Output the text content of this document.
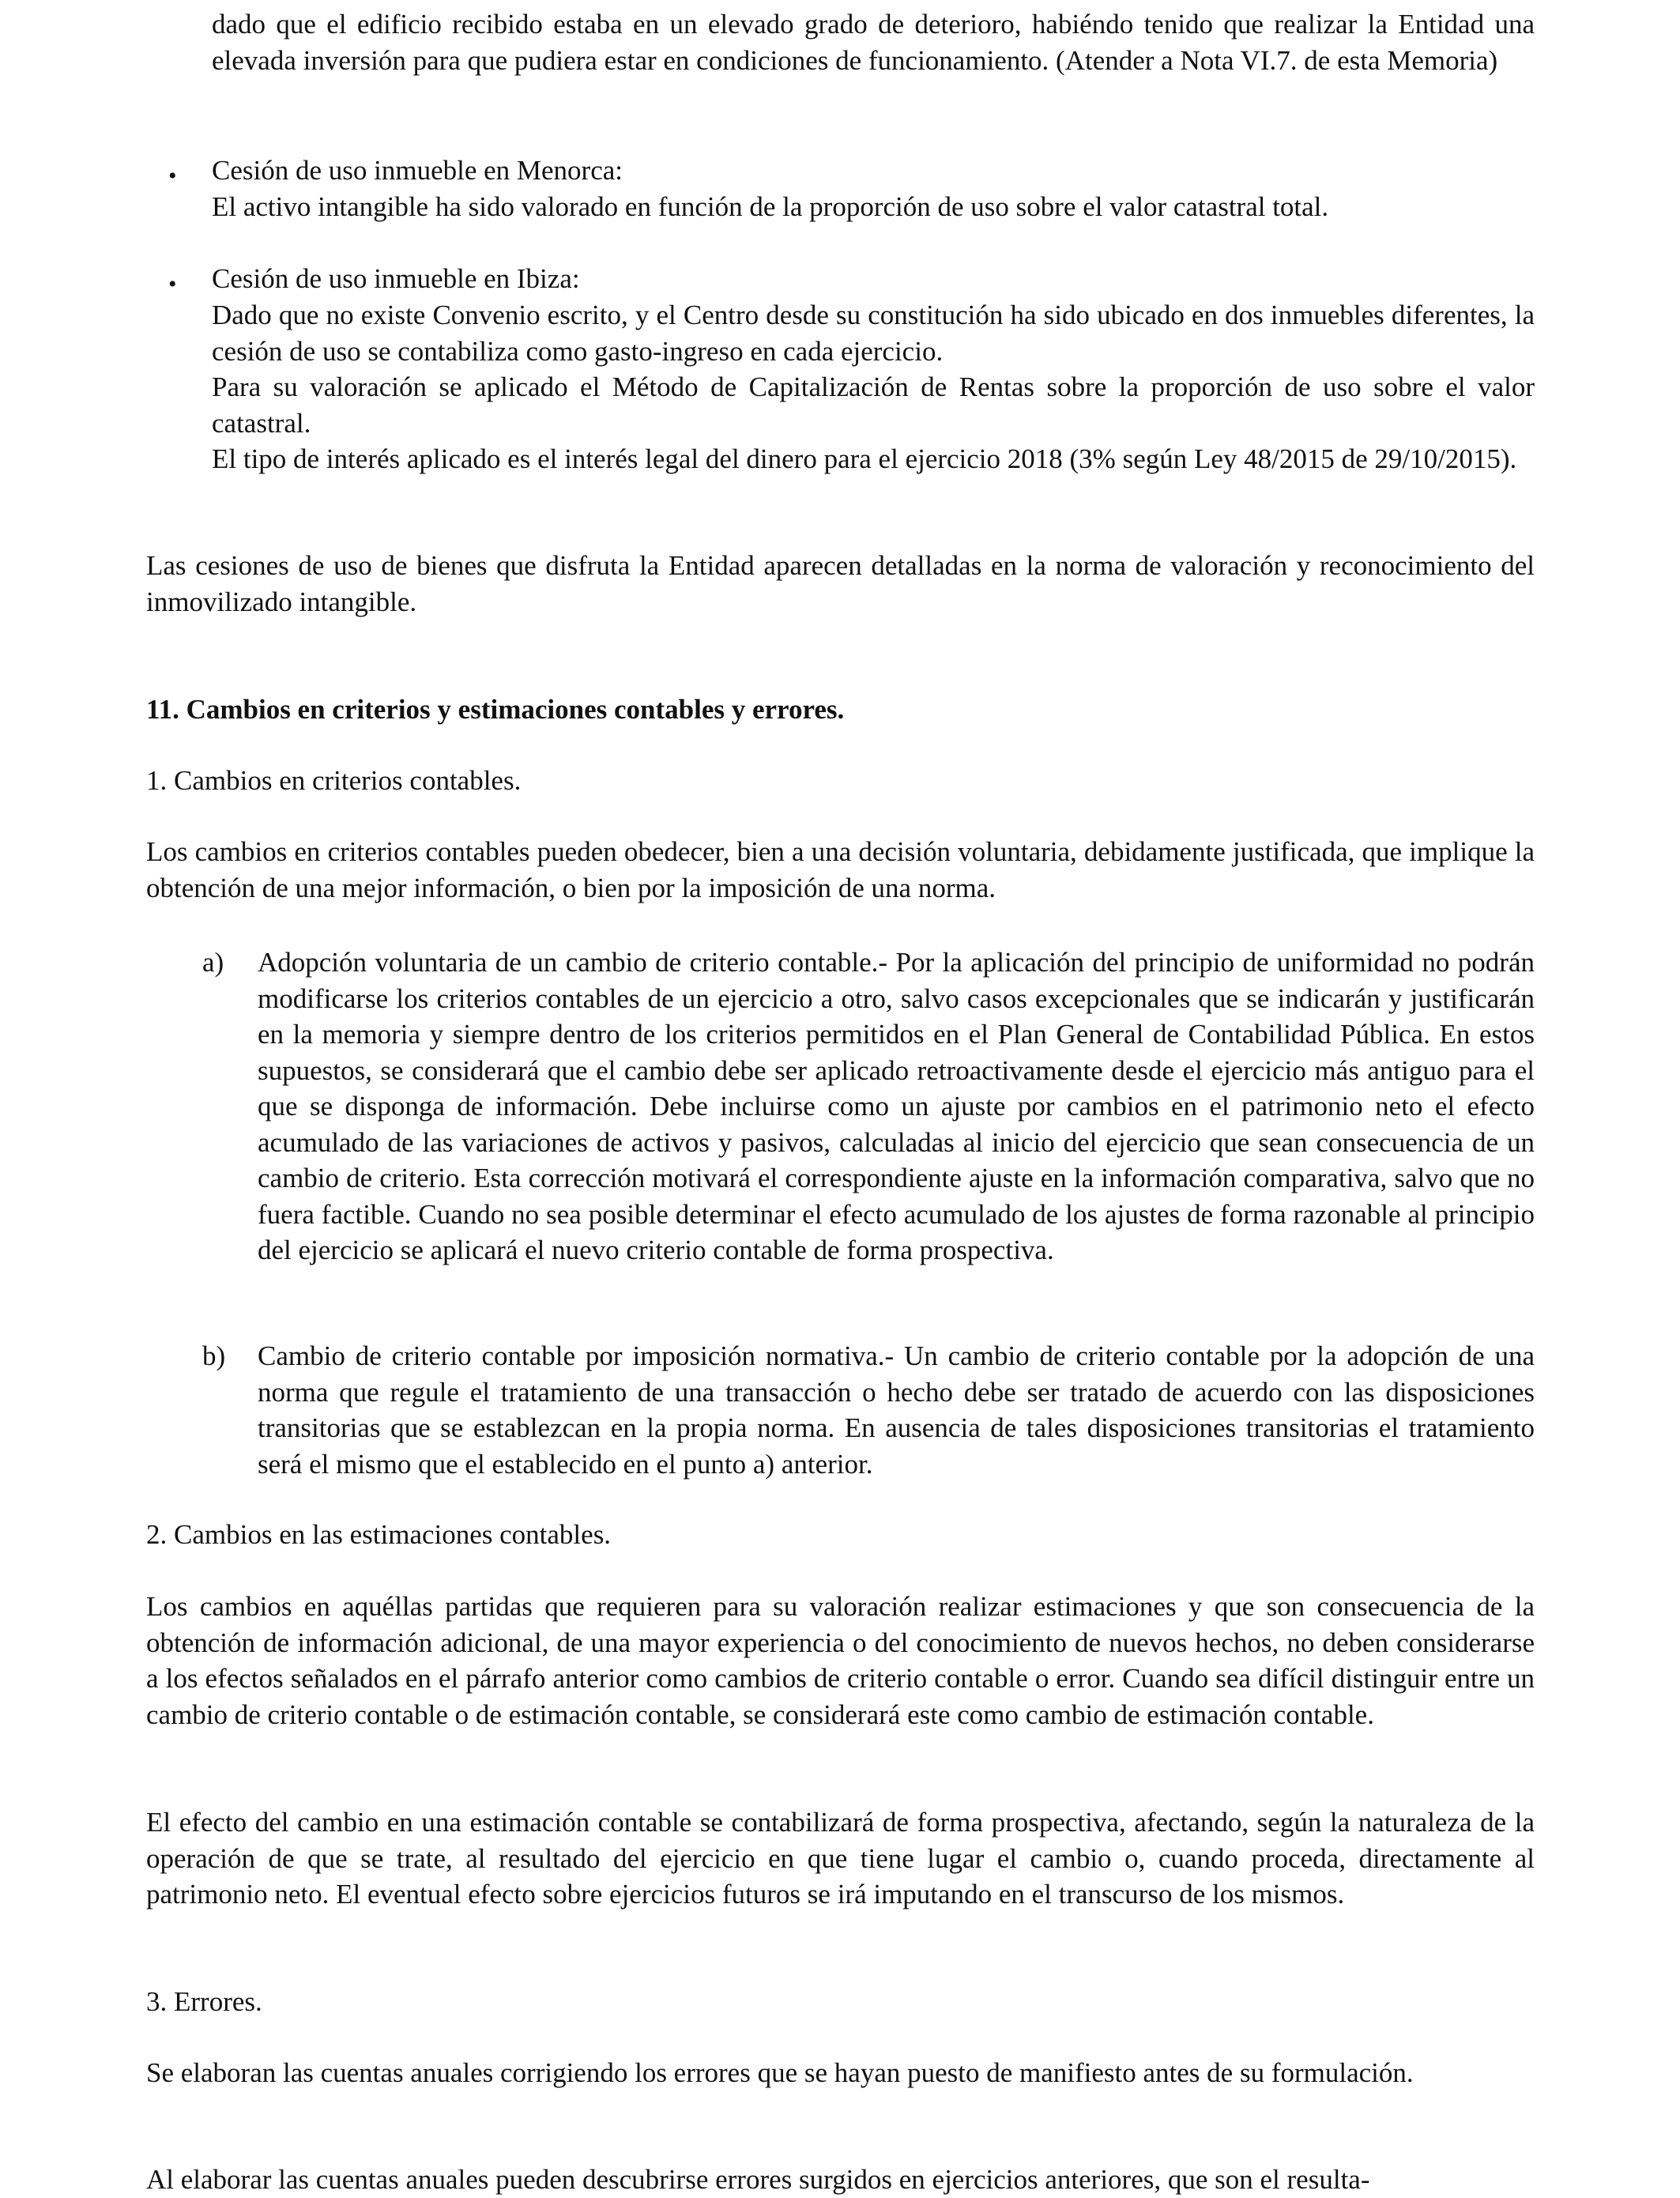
dado que el edificio recibido estaba en un elevado grado de deterioro, habiéndo tenido que realizar la Entidad una elevada inversión para que pudiera estar en condiciones de funcionamiento. (Atender a Nota VI.7. de esta Memoria)

• Cesión de uso inmueble en Menorca:

El activo intangible ha sido valorado en función de la proporción de uso sobre el valor catastral total.

• Cesión de uso inmueble en Ibiza:

Dado que no existe Convenio escrito, y el Centro desde su constitución ha sido ubicado en dos inmuebles diferentes, la cesión de uso se contabiliza como gasto-ingreso en cada ejercicio.

Para su valoración se aplicado el Método de Capitalización de Rentas sobre la proporción de uso sobre el valor catastral.

El tipo de interés aplicado es el interés legal del dinero para el ejercicio 2018 (3% según Ley 48/2015 de 29/10/2015).

Las cesiones de uso de bienes que disfruta la Entidad aparecen detalladas en la norma de valoración y reconocimiento del inmovilizado intangible.

11. Cambios en criterios y estimaciones contables y errores.

1. Cambios en criterios contables.

Los cambios en criterios contables pueden obedecer, bien a una decisión voluntaria, debidamente justificada, que implique la obtención de una mejor información, o bien por la imposición de una norma.

a) Adopción voluntaria de un cambio de criterio contable.- Por la aplicación del principio de uniformidad no podrán modificarse los criterios contables de un ejercicio a otro, salvo casos excepcionales que se indicarán y justificarán en la memoria y siempre dentro de los criterios permitidos en el Plan General de Contabilidad Pública. En estos supuestos, se considerará que el cambio debe ser aplicado retroactivamente desde el ejercicio más antiguo para el que se disponga de información. Debe incluirse como un ajuste por cambios en el patrimonio neto el efecto acumulado de las variaciones de activos y pasivos, calculadas al inicio del ejercicio que sean consecuencia de un cambio de criterio. Esta corrección motivará el correspondiente ajuste en la información comparativa, salvo que no fuera factible. Cuando no sea posible determinar el efecto acumulado de los ajustes de forma razonable al principio del ejercicio se aplicará el nuevo criterio contable de forma prospectiva.

b) Cambio de criterio contable por imposición normativa.- Un cambio de criterio contable por la adopción de una norma que regule el tratamiento de una transacción o hecho debe ser tratado de acuerdo con las disposiciones transitorias que se establezcan en la propia norma. En ausencia de tales disposiciones transitorias el tratamiento será el mismo que el establecido en el punto a) anterior.

2. Cambios en las estimaciones contables.

Los cambios en aquéllas partidas que requieren para su valoración realizar estimaciones y que son consecuencia de la obtención de información adicional, de una mayor experiencia o del conocimiento de nuevos hechos, no deben considerarse a los efectos señalados en el párrafo anterior como cambios de criterio contable o error. Cuando sea difícil distinguir entre un cambio de criterio contable o de estimación contable, se considerará este como cambio de estimación contable.

El efecto del cambio en una estimación contable se contabilizará de forma prospectiva, afectando, según la naturaleza de la operación de que se trate, al resultado del ejercicio en que tiene lugar el cambio o, cuando proceda, directamente al patrimonio neto. El eventual efecto sobre ejercicios futuros se irá imputando en el transcurso de los mismos.

3. Errores.

Se elaboran las cuentas anuales corrigiendo los errores que se hayan puesto de manifiesto antes de su formulación.

Al elaborar las cuentas anuales pueden descubrirse errores surgidos en ejercicios anteriores, que son el resulta-
